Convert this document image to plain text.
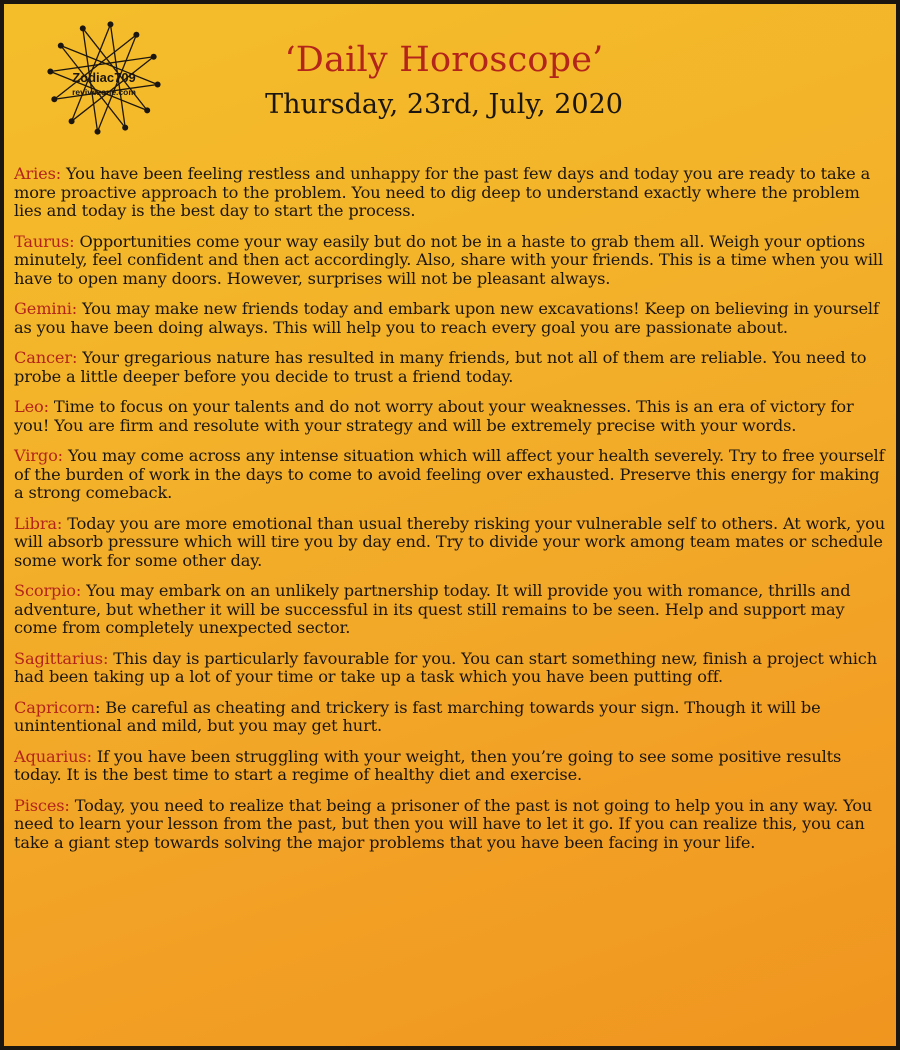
Zodiac709
revivezone.com
‘Daily Horoscope’
Thursday, 23rd, July, 2020

Aries: You have been feeling restless and unhappy for the past few days and today you are ready to take a more proactive approach to the problem. You need to dig deep to understand exactly where the problem lies and today is the best day to start the process.

Taurus: Opportunities come your way easily but do not be in a haste to grab them all. Weigh your options minutely, feel confident and then act accordingly. Also, share with your friends. This is a time when you will have to open many doors. However, surprises will not be pleasant always.

Gemini: You may make new friends today and embark upon new excavations! Keep on believing in yourself as you have been doing always. This will help you to reach every goal you are passionate about.

Cancer: Your gregarious nature has resulted in many friends, but not all of them are reliable. You need to probe a little deeper before you decide to trust a friend today.

Leo: Time to focus on your talents and do not worry about your weaknesses. This is an era of victory for you! You are firm and resolute with your strategy and will be extremely precise with your words.

Virgo: You may come across any intense situation which will affect your health severely. Try to free yourself of the burden of work in the days to come to avoid feeling over exhausted. Preserve this energy for making a strong comeback.

Libra: Today you are more emotional than usual thereby risking your vulnerable self to others. At work, you will absorb pressure which will tire you by day end. Try to divide your work among team mates or schedule some work for some other day.

Scorpio: You may embark on an unlikely partnership today. It will provide you with romance, thrills and adventure, but whether it will be successful in its quest still remains to be seen. Help and support may come from completely unexpected sector.

Sagittarius: This day is particularly favourable for you. You can start something new, finish a project which had been taking up a lot of your time or take up a task which you have been putting off.

Capricorn: Be careful as cheating and trickery is fast marching towards your sign. Though it will be unintentional and mild, but you may get hurt.

Aquarius: If you have been struggling with your weight, then you’re going to see some positive results today. It is the best time to start a regime of healthy diet and exercise.

Pisces: Today, you need to realize that being a prisoner of the past is not going to help you in any way. You need to learn your lesson from the past, but then you will have to let it go. If you can realize this, you can take a giant step towards solving the major problems that you have been facing in your life.
